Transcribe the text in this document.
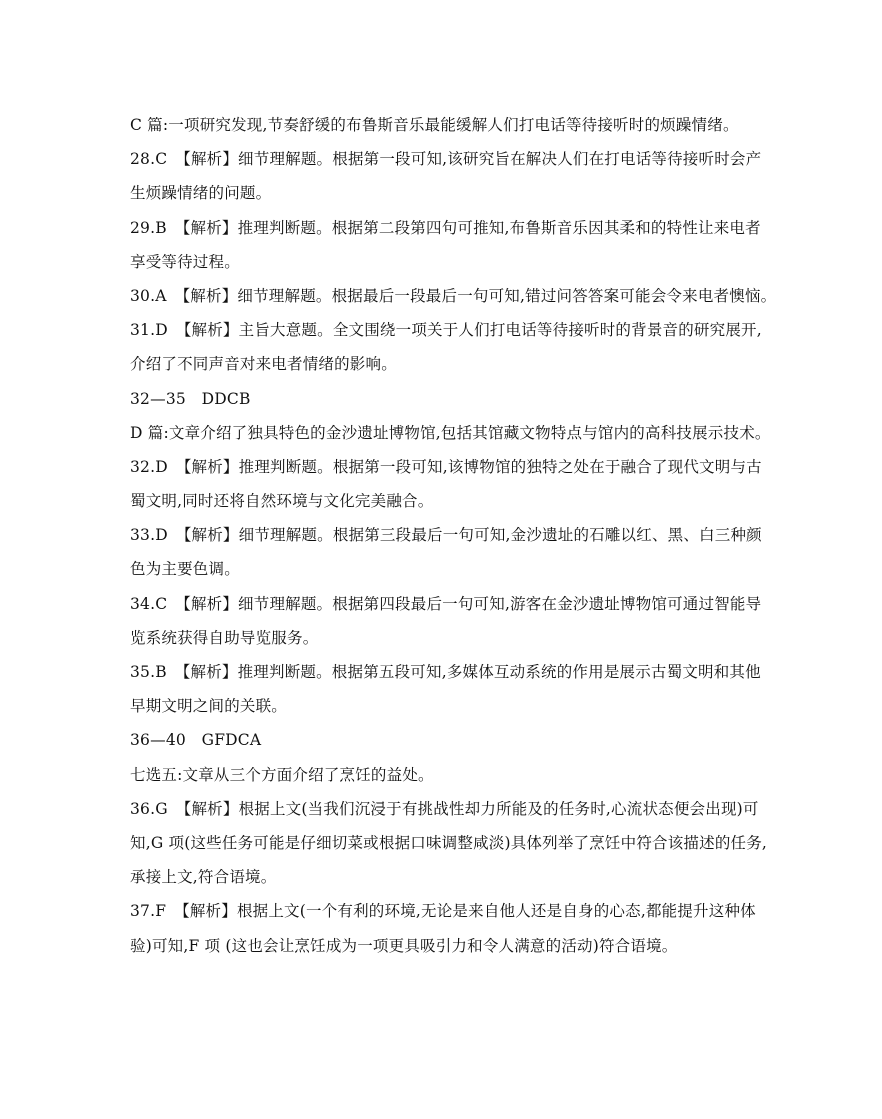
C 篇:一项研究发现,节奏舒缓的布鲁斯音乐最能缓解人们打电话等待接听时的烦躁情绪。
28.C　【解析】细节理解题。根据第一段可知,该研究旨在解决人们在打电话等待接听时会产
生烦躁情绪的问题。
29.B　【解析】推理判断题。根据第二段第四句可推知,布鲁斯音乐因其柔和的特性让来电者
享受等待过程。
30.A　【解析】细节理解题。根据最后一段最后一句可知,错过问答答案可能会令来电者懊恼。
31.D　【解析】主旨大意题。全文围绕一项关于人们打电话等待接听时的背景音的研究展开,
介绍了不同声音对来电者情绪的影响。
32—35　DDCB
D 篇:文章介绍了独具特色的金沙遗址博物馆,包括其馆藏文物特点与馆内的高科技展示技术。
32.D　【解析】推理判断题。根据第一段可知,该博物馆的独特之处在于融合了现代文明与古
蜀文明,同时还将自然环境与文化完美融合。
33.D　【解析】细节理解题。根据第三段最后一句可知,金沙遗址的石雕以红、黑、白三种颜
色为主要色调。
34.C　【解析】细节理解题。根据第四段最后一句可知,游客在金沙遗址博物馆可通过智能导
览系统获得自助导览服务。
35.B　【解析】推理判断题。根据第五段可知,多媒体互动系统的作用是展示古蜀文明和其他
早期文明之间的关联。
36—40　GFDCA
七选五:文章从三个方面介绍了烹饪的益处。
36.G　【解析】根据上文(当我们沉浸于有挑战性却力所能及的任务时,心流状态便会出现)可
知,G 项(这些任务可能是仔细切菜或根据口味调整咸淡)具体列举了烹饪中符合该描述的任务,
承接上文,符合语境。
37.F　【解析】根据上文(一个有利的环境,无论是来自他人还是自身的心态,都能提升这种体
验)可知,F 项 (这也会让烹饪成为一项更具吸引力和令人满意的活动)符合语境。
